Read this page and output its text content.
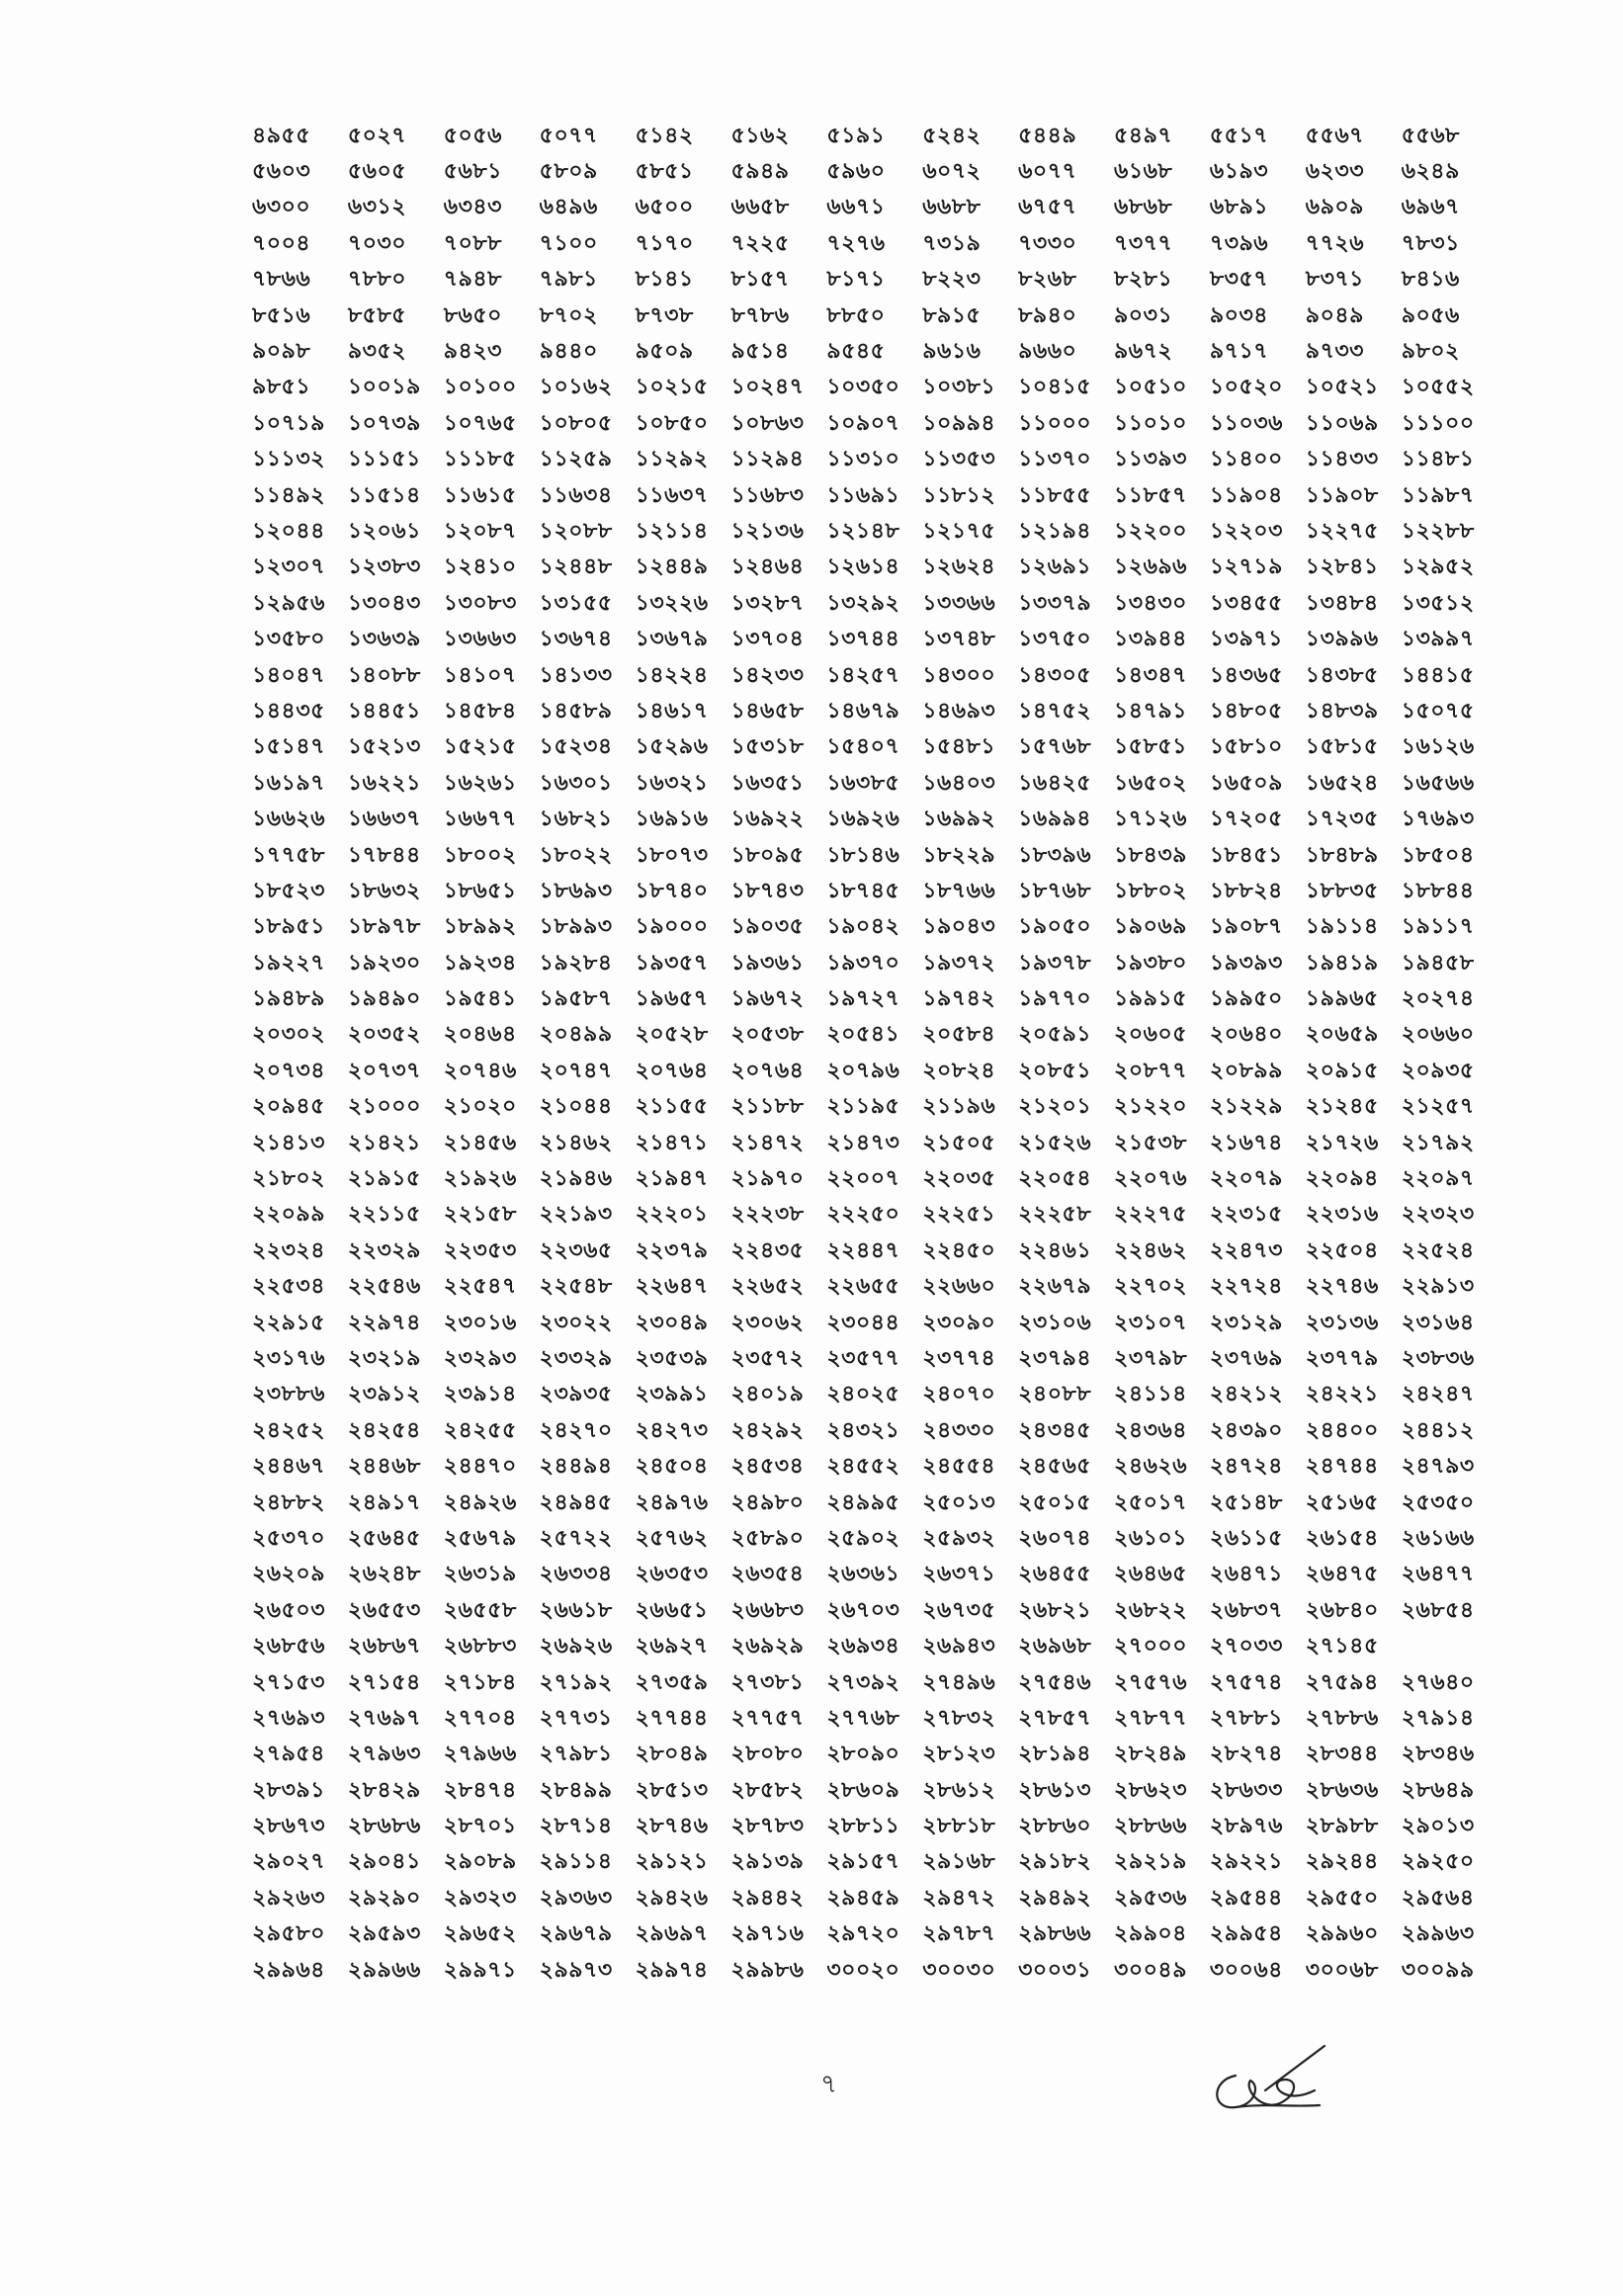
৪৯৫৫	৫০২৭	৫০৫৬	৫০৭৭	৫১৪২	৫১৬২	৫১৯১	৫২৪২	৫৪৪৯	৫৪৯৭	৫৫১৭	৫৫৬৭	৫৫৬৮
৫৬০৩	৫৬০৫	৫৬৮১	৫৮০৯	৫৮৫১	৫৯৪৯	৫৯৬০	৬০৭২	৬০৭৭	৬১৬৮	৬১৯৩	৬২৩৩	৬২৪৯
৬৩০০	৬৩১২	৬৩৪৩	৬৪৯৬	৬৫০০	৬৬৫৮	৬৬৭১	৬৬৮৮	৬৭৫৭	৬৮৬৮	৬৮৯১	৬৯০৯	৬৯৬৭
৭০০৪	৭০৩০	৭০৮৮	৭১০০	৭১৭০	৭২২৫	৭২৭৬	৭৩১৯	৭৩৩০	৭৩৭৭	৭৩৯৬	৭৭২৬	৭৮৩১
৭৮৬৬	৭৮৮০	৭৯৪৮	৭৯৮১	৮১৪১	৮১৫৭	৮১৭১	৮২২৩	৮২৬৮	৮২৮১	৮৩৫৭	৮৩৭১	৮৪১৬
৮৫১৬	৮৫৮৫	৮৬৫০	৮৭০২	৮৭৩৮	৮৭৮৬	৮৮৫০	৮৯১৫	৮৯৪০	৯০৩১	৯০৩৪	৯০৪৯	৯০৫৬
৯০৯৮	৯৩৫২	৯৪২৩	৯৪৪০	৯৫০৯	৯৫১৪	৯৫৪৫	৯৬১৬	৯৬৬০	৯৬৭২	৯৭১৭	৯৭৩৩	৯৮০২
৯৮৫১	১০০১৯	১০১০০	১০১৬২	১০২১৫	১০২৪৭	১০৩৫০	১০৩৮১	১০৪১৫	১০৫১০	১০৫২০	১০৫২১	১০৫৫২
১০৭১৯	১০৭৩৯	১০৭৬৫	১০৮০৫	১০৮৫০	১০৮৬৩	১০৯০৭	১০৯৯৪	১১০০০	১১০১০	১১০৩৬	১১০৬৯	১১১০০
১১১৩২	১১১৫১	১১১৮৫	১১২৫৯	১১২৯২	১১২৯৪	১১৩১০	১১৩৫৩	১১৩৭০	১১৩৯৩	১১৪০০	১১৪৩৩	১১৪৮১
১১৪৯২	১১৫১৪	১১৬১৫	১১৬৩৪	১১৬৩৭	১১৬৮৩	১১৬৯১	১১৮১২	১১৮৫৫	১১৮৫৭	১১৯০৪	১১৯০৮	১১৯৮৭
১২০৪৪	১২০৬১	১২০৮৭	১২০৮৮	১২১১৪	১২১৩৬	১২১৪৮	১২১৭৫	১২১৯৪	১২২০০	১২২০৩	১২২৭৫	১২২৮৮
১২৩০৭	১২৩৮৩	১২৪১০	১২৪৪৮	১২৪৪৯	১২৪৬৪	১২৬১৪	১২৬২৪	১২৬৯১	১২৬৯৬	১২৭১৯	১২৮৪১	১২৯৫২
১২৯৫৬	১৩০৪৩	১৩০৮৩	১৩১৫৫	১৩২২৬	১৩২৮৭	১৩২৯২	১৩৩৬৬	১৩৩৭৯	১৩৪৩০	১৩৪৫৫	১৩৪৮৪	১৩৫১২
১৩৫৮০	১৩৬৩৯	১৩৬৬৩	১৩৬৭৪	১৩৬৭৯	১৩৭০৪	১৩৭৪৪	১৩৭৪৮	১৩৭৫০	১৩৯৪৪	১৩৯৭১	১৩৯৯৬	১৩৯৯৭
১৪০৪৭	১৪০৮৮	১৪১০৭	১৪১৩৩	১৪২২৪	১৪২৩৩	১৪২৫৭	১৪৩০০	১৪৩০৫	১৪৩৪৭	১৪৩৬৫	১৪৩৮৫	১৪৪১৫
১৪৪৩৫	১৪৪৫১	১৪৫৮৪	১৪৫৮৯	১৪৬১৭	১৪৬৫৮	১৪৬৭৯	১৪৬৯৩	১৪৭৫২	১৪৭৯১	১৪৮০৫	১৪৮৩৯	১৫০৭৫
১৫১৪৭	১৫২১৩	১৫২১৫	১৫২৩৪	১৫২৯৬	১৫৩১৮	১৫৪০৭	১৫৪৮১	১৫৭৬৮	১৫৮৫১	১৫৮১০	১৫৮১৫	১৬১২৬
১৬১৯৭	১৬২২১	১৬২৬১	১৬৩০১	১৬৩২১	১৬৩৫১	১৬৩৮৫	১৬৪০৩	১৬৪২৫	১৬৫০২	১৬৫০৯	১৬৫২৪	১৬৫৬৬
১৬৬২৬	১৬৬৩৭	১৬৬৭৭	১৬৮২১	১৬৯১৬	১৬৯২২	১৬৯২৬	১৬৯৯২	১৬৯৯৪	১৭১২৬	১৭২০৫	১৭২৩৫	১৭৬৯৩
১৭৭৫৮	১৭৮৪৪	১৮০০২	১৮০২২	১৮০৭৩	১৮০৯৫	১৮১৪৬	১৮২২৯	১৮৩৯৬	১৮৪৩৯	১৮৪৫১	১৮৪৮৯	১৮৫০৪
১৮৫২৩	১৮৬৩২	১৮৬৫১	১৮৬৯৩	১৮৭৪০	১৮৭৪৩	১৮৭৪৫	১৮৭৬৬	১৮৭৬৮	১৮৮০২	১৮৮২৪	১৮৮৩৫	১৮৮৪৪
১৮৯৫১	১৮৯৭৮	১৮৯৯২	১৮৯৯৩	১৯০০০	১৯০৩৫	১৯০৪২	১৯০৪৩	১৯০৫০	১৯০৬৯	১৯০৮৭	১৯১১৪	১৯১১৭
১৯২২৭	১৯২৩০	১৯২৩৪	১৯২৮৪	১৯৩৫৭	১৯৩৬১	১৯৩৭০	১৯৩৭২	১৯৩৭৮	১৯৩৮০	১৯৩৯৩	১৯৪১৯	১৯৪৫৮
১৯৪৮৯	১৯৪৯০	১৯৫৪১	১৯৫৮৭	১৯৬৫৭	১৯৬৭২	১৯৭২৭	১৯৭৪২	১৯৭৭০	১৯৯১৫	১৯৯৫০	১৯৯৬৫	২০২৭৪
২০৩০২	২০৩৫২	২০৪৬৪	২০৪৯৯	২০৫২৮	২০৫৩৮	২০৫৪১	২০৫৮৪	২০৫৯১	২০৬০৫	২০৬৪০	২০৬৫৯	২০৬৬০
২০৭৩৪	২০৭৩৭	২০৭৪৬	২০৭৪৭	২০৭৬৪	২০৭৬৪	২০৭৯৬	২০৮২৪	২০৮৫১	২০৮৭৭	২০৮৯৯	২০৯১৫	২০৯৩৫
২০৯৪৫	২১০০০	২১০২০	২১০৪৪	২১১৫৫	২১১৮৮	২১১৯৫	২১১৯৬	২১২০১	২১২২০	২১২২৯	২১২৪৫	২১২৫৭
২১৪১৩	২১৪২১	২১৪৫৬	২১৪৬২	২১৪৭১	২১৪৭২	২১৪৭৩	২১৫০৫	২১৫২৬	২১৫৩৮	২১৬৭৪	২১৭২৬	২১৭৯২
২১৮০২	২১৯১৫	২১৯২৬	২১৯৪৬	২১৯৪৭	২১৯৭০	২২০০৭	২২০৩৫	২২০৫৪	২২০৭৬	২২০৭৯	২২০৯৪	২২০৯৭
২২০৯৯	২২১১৫	২২১৫৮	২২১৯৩	২২২০১	২২২৩৮	২২২৫০	২২২৫১	২২২৫৮	২২২৭৫	২২৩১৫	২২৩১৬	২২৩২৩
২২৩২৪	২২৩২৯	২২৩৫৩	২২৩৬৫	২২৩৭৯	২২৪৩৫	২২৪৪৭	২২৪৫০	২২৪৬১	২২৪৬২	২২৪৭৩	২২৫০৪	২২৫২৪
২২৫৩৪	২২৫৪৬	২২৫৪৭	২২৫৪৮	২২৬৪৭	২২৬৫২	২২৬৫৫	২২৬৬০	২২৬৭৯	২২৭০২	২২৭২৪	২২৭৪৬	২২৯১৩
২২৯১৫	২২৯৭৪	২৩০১৬	২৩০২২	২৩০৪৯	২৩০৬২	২৩০৪৪	২৩০৯০	২৩১০৬	২৩১০৭	২৩১২৯	২৩১৩৬	২৩১৬৪
২৩১৭৬	২৩২১৯	২৩২৯৩	২৩৩২৯	২৩৫৩৯	২৩৫৭২	২৩৫৭৭	২৩৭৭৪	২৩৭৯৪	২৩৭৯৮	২৩৭৬৯	২৩৭৭৯	২৩৮৩৬
২৩৮৮৬	২৩৯১২	২৩৯১৪	২৩৯৩৫	২৩৯৯১	২৪০১৯	২৪০২৫	২৪০৭০	২৪০৮৮	২৪১১৪	২৪২১২	২৪২২১	২৪২৪৭
২৪২৫২	২৪২৫৪	২৪২৫৫	২৪২৭০	২৪২৭৩	২৪২৯২	২৪৩২১	২৪৩৩০	২৪৩৪৫	২৪৩৬৪	২৪৩৯০	২৪৪০০	২৪৪১২
২৪৪৬৭	২৪৪৬৮	২৪৪৭০	২৪৪৯৪	২৪৫০৪	২৪৫৩৪	২৪৫৫২	২৪৫৫৪	২৪৫৬৫	২৪৬২৬	২৪৭২৪	২৪৭৪৪	২৪৭৯৩
২৪৮৮২	২৪৯১৭	২৪৯২৬	২৪৯৪৫	২৪৯৭৬	২৪৯৮০	২৪৯৯৫	২৫০১৩	২৫০১৫	২৫০১৭	২৫১৪৮	২৫১৬৫	২৫৩৫০
২৫৩৭০	২৫৬৪৫	২৫৬৭৯	২৫৭২২	২৫৭৬২	২৫৮৯০	২৫৯০২	২৫৯৩২	২৬০৭৪	২৬১০১	২৬১১৫	২৬১৫৪	২৬১৬৬
২৬২০৯	২৬২৪৮	২৬৩১৯	২৬৩৩৪	২৬৩৫৩	২৬৩৫৪	২৬৩৬১	২৬৩৭১	২৬৪৫৫	২৬৪৬৫	২৬৪৭১	২৬৪৭৫	২৬৪৭৭
২৬৫০৩	২৬৫৫৩	২৬৫৫৮	২৬৬১৮	২৬৬৫১	২৬৬৮৩	২৬৭০৩	২৬৭৩৫	২৬৮২১	২৬৮২২	২৬৮৩৭	২৬৮৪০	২৬৮৫৪
২৬৮৫৬	২৬৮৬৭	২৬৮৮৩	২৬৯২৬	২৬৯২৭	২৬৯২৯	২৬৯৩৪	২৬৯৪৩	২৬৯৬৮	২৭০০০	২৭০৩৩	২৭১৪৫
২৭১৫৩	২৭১৫৪	২৭১৮৪	২৭১৯২	২৭৩৫৯	২৭৩৮১	২৭৩৯২	২৭৪৯৬	২৭৫৪৬	২৭৫৭৬	২৭৫৭৪	২৭৫৯৪	২৭৬৪০
২৭৬৯৩	২৭৬৯৭	২৭৭০৪	২৭৭৩১	২৭৭৪৪	২৭৭৫৭	২৭৭৬৮	২৭৮৩২	২৭৮৫৭	২৭৮৭৭	২৭৮৮১	২৭৮৮৬	২৭৯১৪
২৭৯৫৪	২৭৯৬৩	২৭৯৬৬	২৭৯৮১	২৮০৪৯	২৮০৮০	২৮০৯০	২৮১২৩	২৮১৯৪	২৮২৪৯	২৮২৭৪	২৮৩৪৪	২৮৩৪৬
২৮৩৯১	২৮৪২৯	২৮৪৭৪	২৮৪৯৯	২৮৫১৩	২৮৫৮২	২৮৬০৯	২৮৬১২	২৮৬১৩	২৮৬২৩	২৮৬৩৩	২৮৬৩৬	২৮৬৪৯
২৮৬৭৩	২৮৬৮৬	২৮৭০১	২৮৭১৪	২৮৭৪৬	২৮৭৮৩	২৮৮১১	২৮৮১৮	২৮৮৬০	২৮৮৬৬	২৮৯৭৬	২৮৯৮৮	২৯০১৩
২৯০২৭	২৯০৪১	২৯০৮৯	২৯১১৪	২৯১২১	২৯১৩৯	২৯১৫৭	২৯১৬৮	২৯১৮২	২৯২১৯	২৯২২১	২৯২৪৪	২৯২৫০
২৯২৬৩	২৯২৯০	২৯৩২৩	২৯৩৬৩	২৯৪২৬	২৯৪৪২	২৯৪৫৯	২৯৪৭২	২৯৪৯২	২৯৫৩৬	২৯৫৪৪	২৯৫৫০	২৯৫৬৪
২৯৫৮০	২৯৫৯৩	২৯৬৫২	২৯৬৭৯	২৯৬৯৭	২৯৭১৬	২৯৭২০	২৯৭৮৭	২৯৮৬৬	২৯৯০৪	২৯৯৫৪	২৯৯৬০	২৯৯৬৩
২৯৯৬৪	২৯৯৬৬	২৯৯৭১	২৯৯৭৩	২৯৯৭৪	২৯৯৮৬	৩০০২০	৩০০৩০	৩০০৩১	৩০০৪৯	৩০০৬৪	৩০০৬৮	৩০০৯৯
৭
